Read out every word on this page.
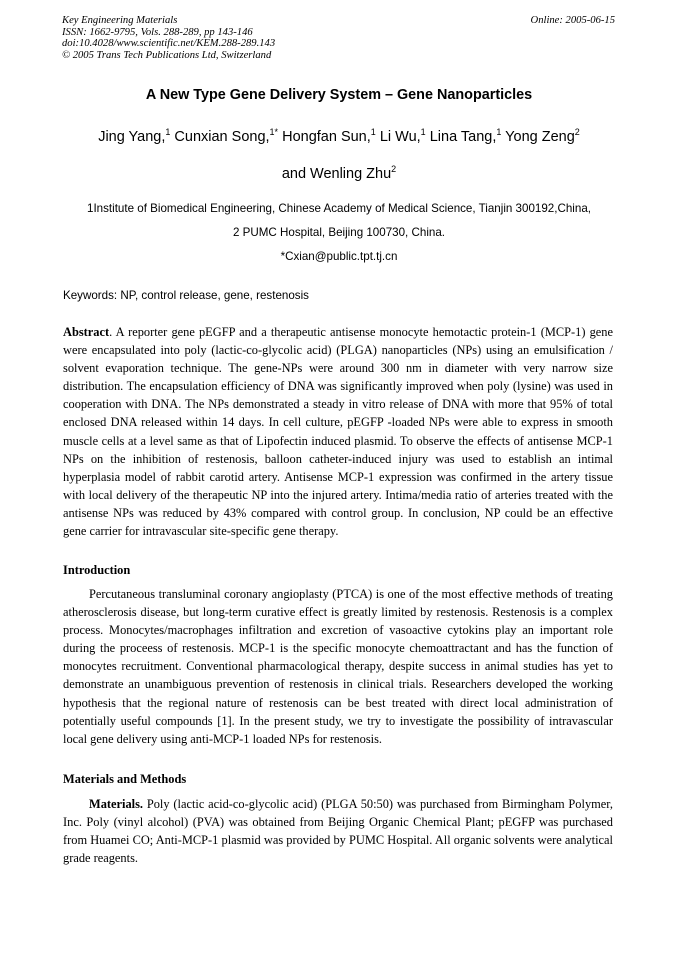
Key Engineering Materials
ISSN: 1662-9795, Vols. 288-289, pp 143-146
doi:10.4028/www.scientific.net/KEM.288-289.143
© 2005 Trans Tech Publications Ltd, Switzerland
Online: 2005-06-15
A New Type Gene Delivery System – Gene Nanoparticles
Jing Yang,$^1$ Cunxian Song,$^{1*}$ Hongfan Sun,$^1$ Li Wu,$^1$ Lina Tang,$^1$ Yong Zeng$^2$
and Wenling Zhu$^2$
1Institute of Biomedical Engineering, Chinese Academy of Medical Science, Tianjin 300192,China,
2 PUMC Hospital, Beijing 100730, China.
*Cxian@public.tpt.tj.cn
Keywords: NP, control release, gene, restenosis

Abstract. A reporter gene pEGFP and a therapeutic antisense monocyte hemotactic protein-1 (MCP-1) gene were encapsulated into poly (lactic-co-glycolic acid) (PLGA) nanoparticles (NPs) using an emulsification / solvent evaporation technique. The gene-NPs were around 300 nm in diameter with very narrow size distribution. The encapsulation efficiency of DNA was significantly improved when poly (lysine) was used in cooperation with DNA. The NPs demonstrated a steady in vitro release of DNA with more that 95% of total enclosed DNA released within 14 days. In cell culture, pEGFP -loaded NPs were able to express in smooth muscle cells at a level same as that of Lipofectin induced plasmid. To observe the effects of antisense MCP-1 NPs on the inhibition of restenosis, balloon catheter-induced injury was used to establish an intimal hyperplasia model of rabbit carotid artery. Antisense MCP-1 expression was confirmed in the artery tissue with local delivery of the therapeutic NP into the injured artery. Intima/media ratio of arteries treated with the antisense NPs was reduced by 43% compared with control group. In conclusion, NP could be an effective gene carrier for intravascular site-specific gene therapy.

Introduction

Percutaneous transluminal coronary angioplasty (PTCA) is one of the most effective methods of treating atherosclerosis disease, but long-term curative effect is greatly limited by restenosis. Restenosis is a complex process. Monocytes/macrophages infiltration and excretion of vasoactive cytokins play an important role during the proceess of restenosis. MCP-1 is the specific monocyte chemoattractant and has the function of monocytes recruitment. Conventional pharmacological therapy, despite success in animal studies has yet to demonstrate an unambiguous prevention of restenosis in clinical trials. Researchers developed the working hypothesis that the regional nature of restenosis can be best treated with direct local administration of potentially useful compounds [1]. In the present study, we try to investigate the possibility of intravascular local gene delivery using anti-MCP-1 loaded NPs for restenosis.

Materials and Methods

Materials. Poly (lactic acid-co-glycolic acid) (PLGA 50:50) was purchased from Birmingham Polymer, Inc. Poly (vinyl alcohol) (PVA) was obtained from Beijing Organic Chemical Plant; pEGFP was purchased from Huamei CO; Anti-MCP-1 plasmid was provided by PUMC Hospital. All organic solvents were analytical grade reagents.
